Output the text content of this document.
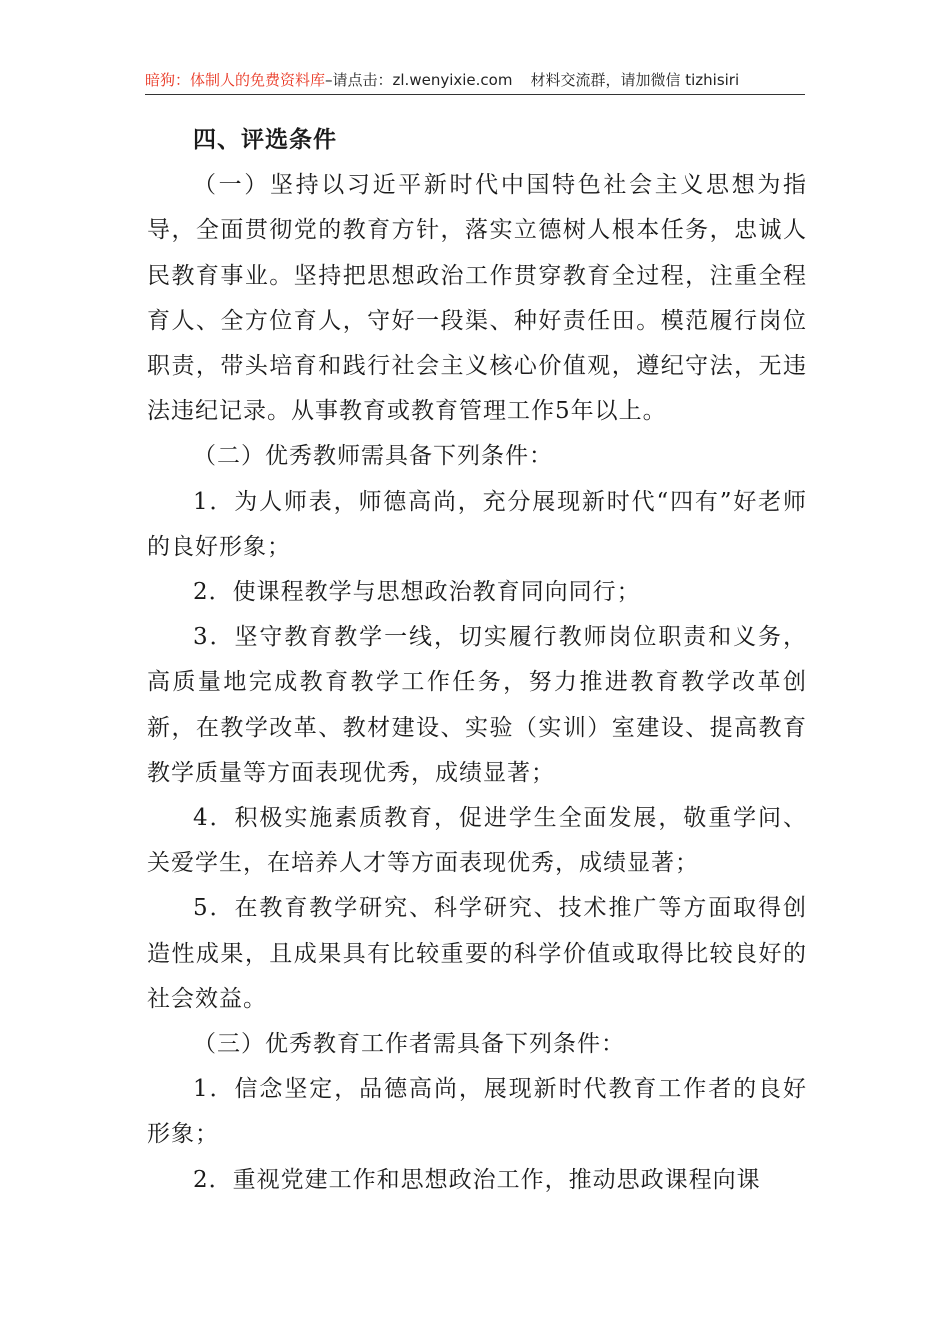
暗狗：体制人的免费资料库–请点击：zl.wenyixie.com 材料交流群，请加微信 tizhisiri

四、评选条件

（一）坚持以习近平新时代中国特色社会主义思想为指导，全面贯彻党的教育方针，落实立德树人根本任务，忠诚人民教育事业。坚持把思想政治工作贯穿教育全过程，注重全程育人、全方位育人，守好一段渠、种好责任田。模范履行岗位职责，带头培育和践行社会主义核心价值观，遵纪守法，无违法违纪记录。从事教育或教育管理工作5年以上。

（二）优秀教师需具备下列条件：

1．为人师表，师德高尚，充分展现新时代“四有”好老师的良好形象；

2．使课程教学与思想政治教育同向同行；

3．坚守教育教学一线，切实履行教师岗位职责和义务，高质量地完成教育教学工作任务，努力推进教育教学改革创新，在教学改革、教材建设、实验（实训）室建设、提高教育教学质量等方面表现优秀，成绩显著；

4．积极实施素质教育，促进学生全面发展，敬重学问、关爱学生，在培养人才等方面表现优秀，成绩显著；

5．在教育教学研究、科学研究、技术推广等方面取得创造性成果，且成果具有比较重要的科学价值或取得比较良好的社会效益。

（三）优秀教育工作者需具备下列条件：

1．信念坚定，品德高尚，展现新时代教育工作者的良好形象；

2．重视党建工作和思想政治工作，推动思政课程向课
